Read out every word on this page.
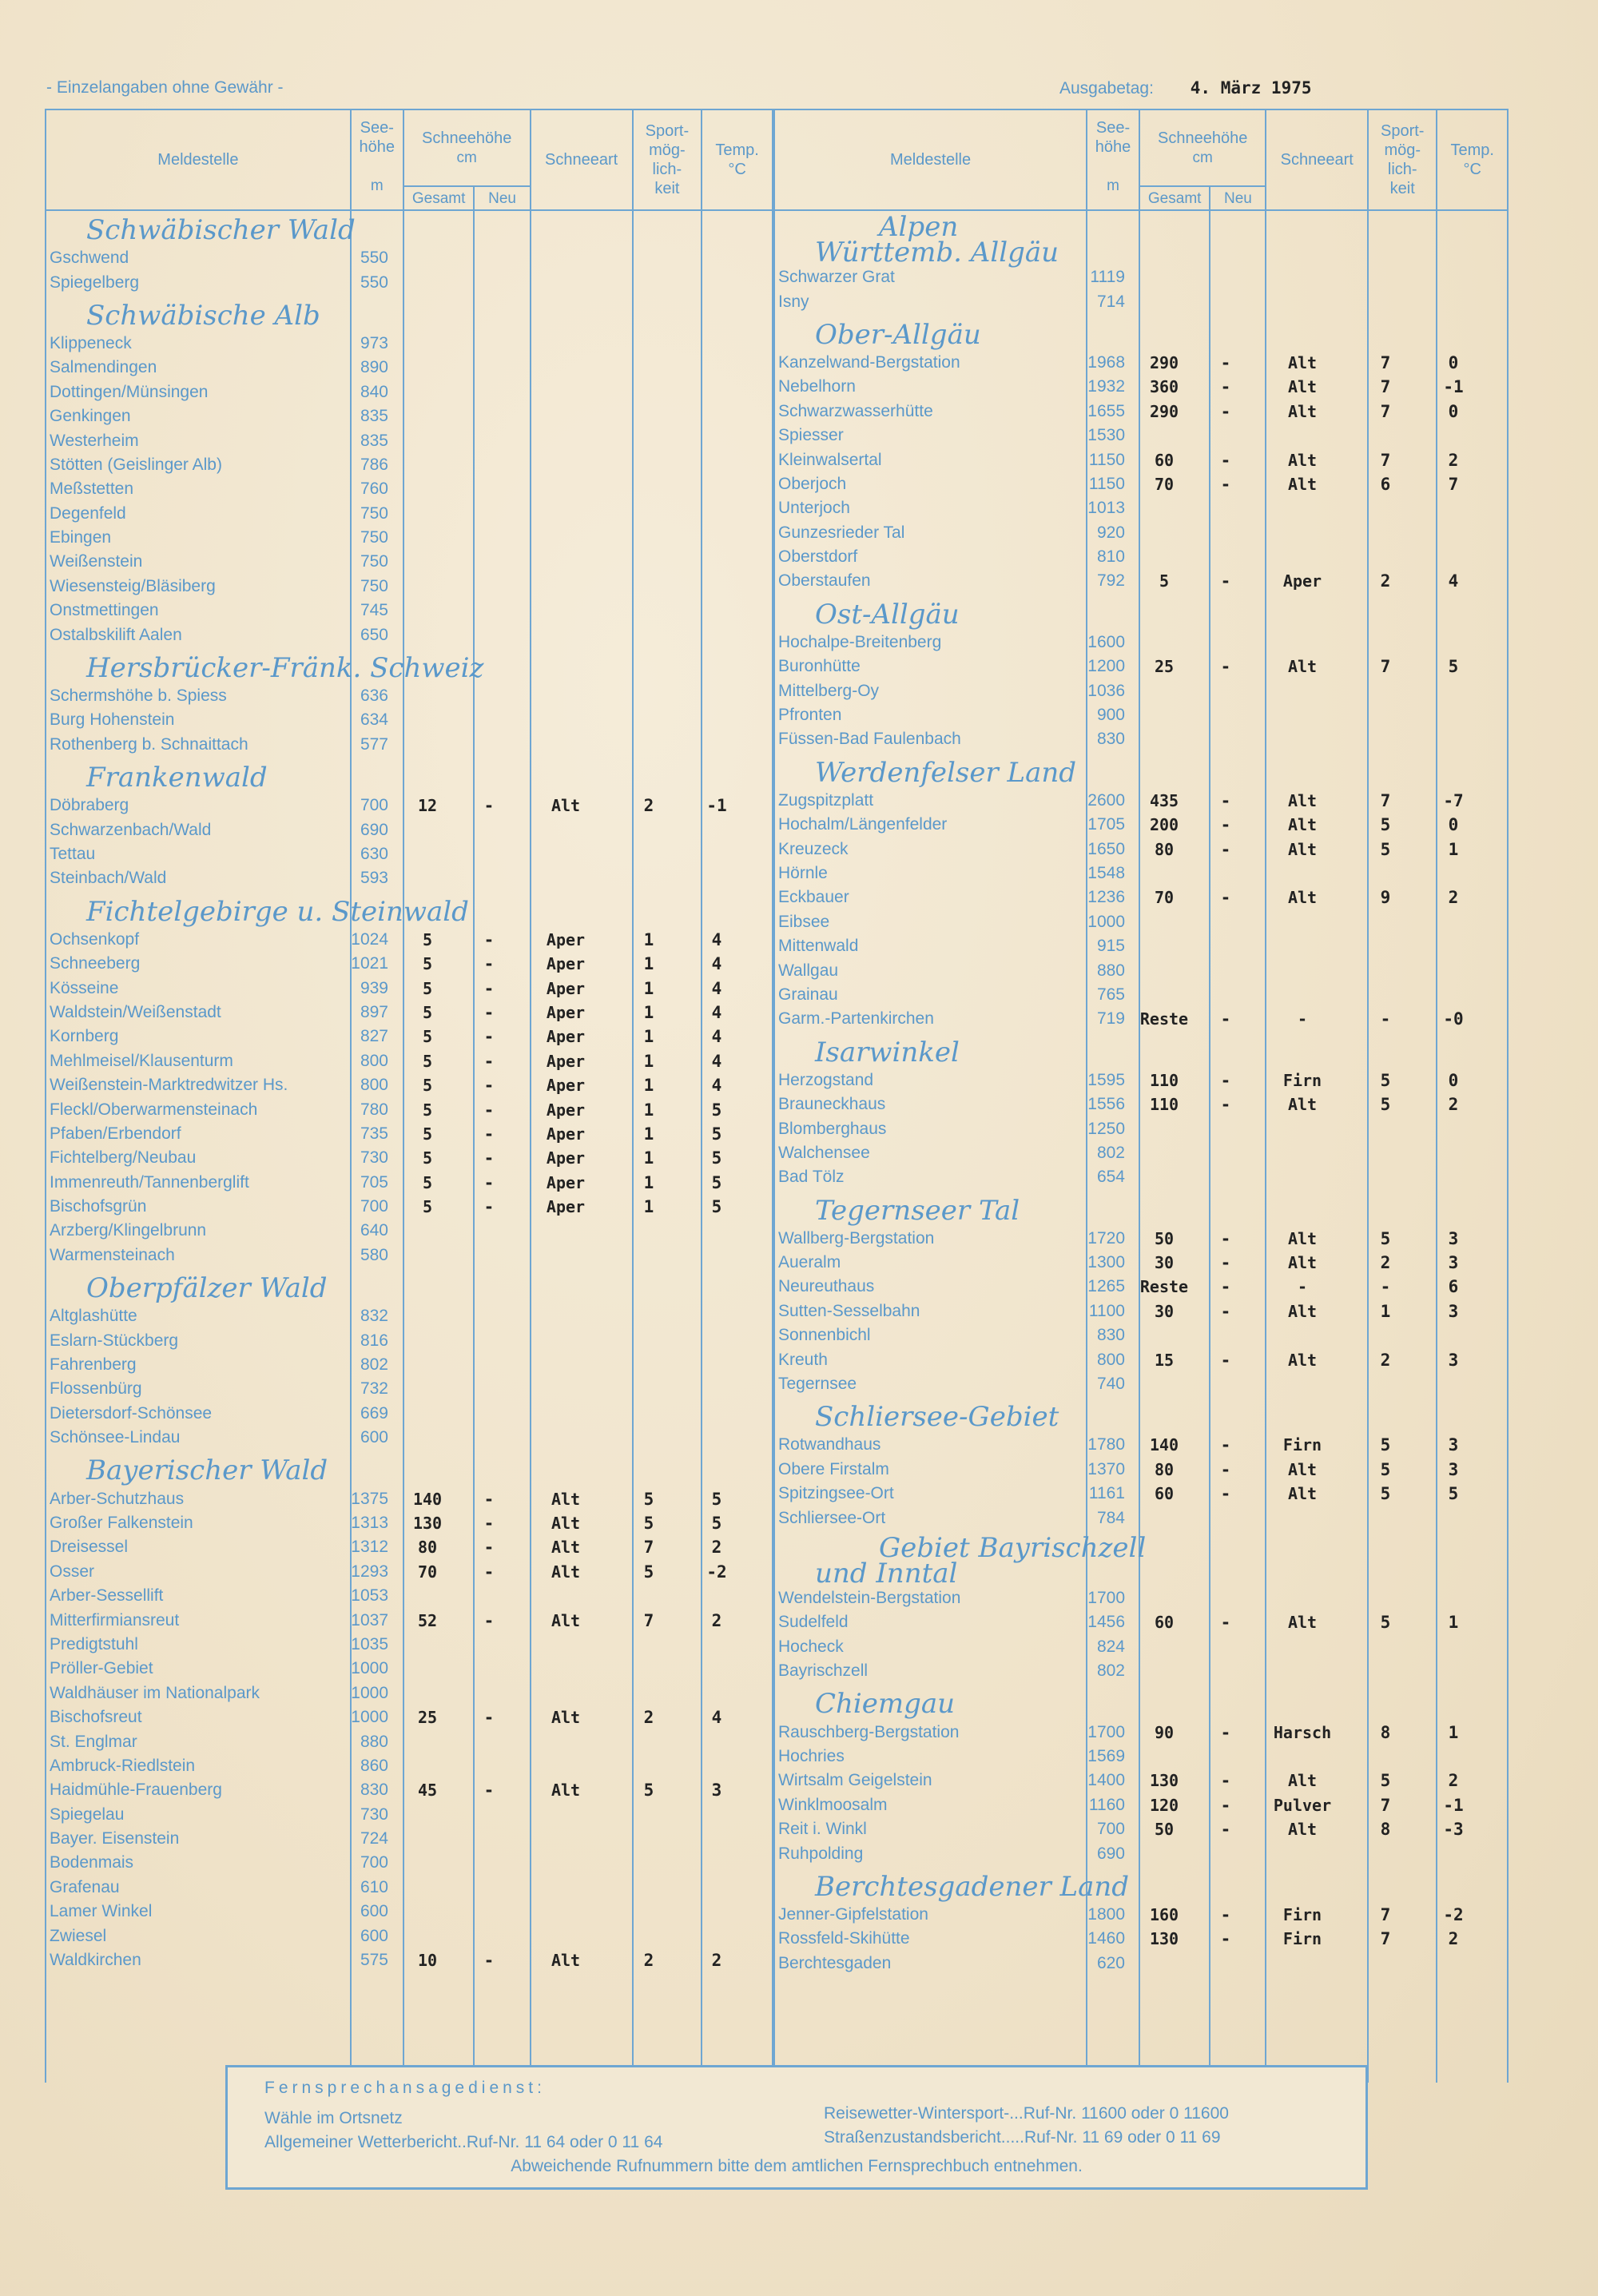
- Einzelangaben ohne Gewähr -	Ausgabetag: 4. März 1975
Meldestelle	See-
höhe

m	Schneehöhe
cm		Schneeart	Sport-
mög-
lich-
keit	Temp.
°C
		Gesamt	Neu			

Meldestelle	See-
höhe

m	Schneehöhe
cm		Schneeart	Sport-
mög-
lich-
keit	Temp.
°C
		Gesamt	Neu			

Schwäbischer Wald
Gschwend	550
Spiegelberg	550
Schwäbische Alb
Klippeneck	973
Salmendingen	890
Dottingen/Münsingen	840
Genkingen	835
Westerheim	835
Stötten (Geislinger Alb)	786
Meßstetten	760
Degenfeld	750
Ebingen	750
Weißenstein	750
Wiesensteig/Bläsiberg	750
Onstmettingen	745
Ostalbskilift Aalen	650
Hersbrücker-Fränk. Schweiz
Schermshöhe b. Spiess	636
Burg Hohenstein	634
Rothenberg b. Schnaittach	577
Frankenwald
Döbraberg	700	12	-	Alt	2	-1
Schwarzenbach/Wald	690
Tettau	630
Steinbach/Wald	593
Fichtelgebirge u. Steinwald
Ochsenkopf	1024	5	-	Aper	1	4
Schneeberg	1021	5	-	Aper	1	4
Kösseine	939	5	-	Aper	1	4
Waldstein/Weißenstadt	897	5	-	Aper	1	4
Kornberg	827	5	-	Aper	1	4
Mehlmeisel/Klausenturm	800	5	-	Aper	1	4
Weißenstein-Marktredwitzer Hs.	800	5	-	Aper	1	4
Fleckl/Oberwarmensteinach	780	5	-	Aper	1	5
Pfaben/Erbendorf	735	5	-	Aper	1	5
Fichtelberg/Neubau	730	5	-	Aper	1	5
Immenreuth/Tannenberglift	705	5	-	Aper	1	5
Bischofsgrün	700	5	-	Aper	1	5
Arzberg/Klingelbrunn	640
Warmensteinach	580
Oberpfälzer Wald
Altglashütte	832
Eslarn-Stückberg	816
Fahrenberg	802
Flossenbürg	732
Dietersdorf-Schönsee	669
Schönsee-Lindau	600
Bayerischer Wald
Arber-Schutzhaus	1375	140	-	Alt	5	5
Großer Falkenstein	1313	130	-	Alt	5	5
Dreisessel	1312	80	-	Alt	7	2
Osser	1293	70	-	Alt	5	-2
Arber-Sessellift	1053
Mitterfirmiansreut	1037	52	-	Alt	7	2
Predigtstuhl	1035
Pröller-Gebiet	1000
Waldhäuser im Nationalpark	1000
Bischofsreut	1000	25	-	Alt	2	4
St. Englmar	880
Ambruck-Riedlstein	860
Haidmühle-Frauenberg	830	45	-	Alt	5	3
Spiegelau	730
Bayer. Eisenstein	724
Bodenmais	700
Grafenau	610
Lamer Winkel	600
Zwiesel	600
Waldkirchen	575	10	-	Alt	2	2
Alpen
Württemb. Allgäu
Schwarzer Grat	1119
Isny	714
Ober-Allgäu
Kanzelwand-Bergstation	1968	290	-	Alt	7	0
Nebelhorn	1932	360	-	Alt	7	-1
Schwarzwasserhütte	1655	290	-	Alt	7	0
Spiesser	1530
Kleinwalsertal	1150	60	-	Alt	7	2
Oberjoch	1150	70	-	Alt	6	7
Unterjoch	1013
Gunzesrieder Tal	920
Oberstdorf	810
Oberstaufen	792	5	-	Aper	2	4
Ost-Allgäu
Hochalpe-Breitenberg	1600
Buronhütte	1200	25	-	Alt	7	5
Mittelberg-Oy	1036
Pfronten	900
Füssen-Bad Faulenbach	830
Werdenfelser Land
Zugspitzplatt	2600	435	-	Alt	7	-7
Hochalm/Längenfelder	1705	200	-	Alt	5	0
Kreuzeck	1650	80	-	Alt	5	1
Hörnle	1548
Eckbauer	1236	70	-	Alt	9	2
Eibsee	1000
Mittenwald	915
Wallgau	880
Grainau	765
Garm.-Partenkirchen	719 Reste	-	-	-	-0
Isarwinkel
Herzogstand	1595	110	-	Firn	5	0
Brauneckhaus	1556	110	-	Alt	5	2
Blomberghaus	1250
Walchensee	802
Bad Tölz	654
Tegernseer Tal
Wallberg-Bergstation	1720	50	-	Alt	5	3
Aueralm	1300	30	-	Alt	2	3
Neureuthaus	1265 Reste	-	-	-	6
Sutten-Sesselbahn	1100	30	-	Alt	1	3
Sonnenbichl	830
Kreuth	800	15	-	Alt	2	3
Tegernsee	740
Schliersee-Gebiet
Rotwandhaus	1780	140	-	Firn	5	3
Obere Firstalm	1370	80	-	Alt	5	3
Spitzingsee-Ort	1161	60	-	Alt	5	5
Schliersee-Ort	784
Gebiet Bayrischzell
und Inntal
Wendelstein-Bergstation	1700
Sudelfeld	1456	60	-	Alt	5	1
Hocheck	824
Bayrischzell	802
Chiemgau
Rauschberg-Bergstation	1700	90	-	Harsch	8	1
Hochries	1569
Wirtsalm Geigelstein	1400	130	-	Alt	5	2
Winklmoosalm	1160	120	-	Pulver	7	-1
Reit i. Winkl	700	50	-	Alt	8	-3
Ruhpolding	690
Berchtesgadener Land
Jenner-Gipfelstation	1800	160	-	Firn	7	-2
Rossfeld-Skihütte	1460	130	-	Firn	7	2
Berchtesgaden	620
Fernsprechansagedienst:
Wähle im Ortsnetz
Allgemeiner Wetterbericht..Ruf-Nr. 11 64 oder 0 11 64
Reisewetter-Wintersport-...Ruf-Nr. 11600 oder 0 11600
Straßenzustandsbericht.....Ruf-Nr. 11 69 oder 0 11 69
Abweichende Rufnummern bitte dem amtlichen Fernsprechbuch entnehmen.
